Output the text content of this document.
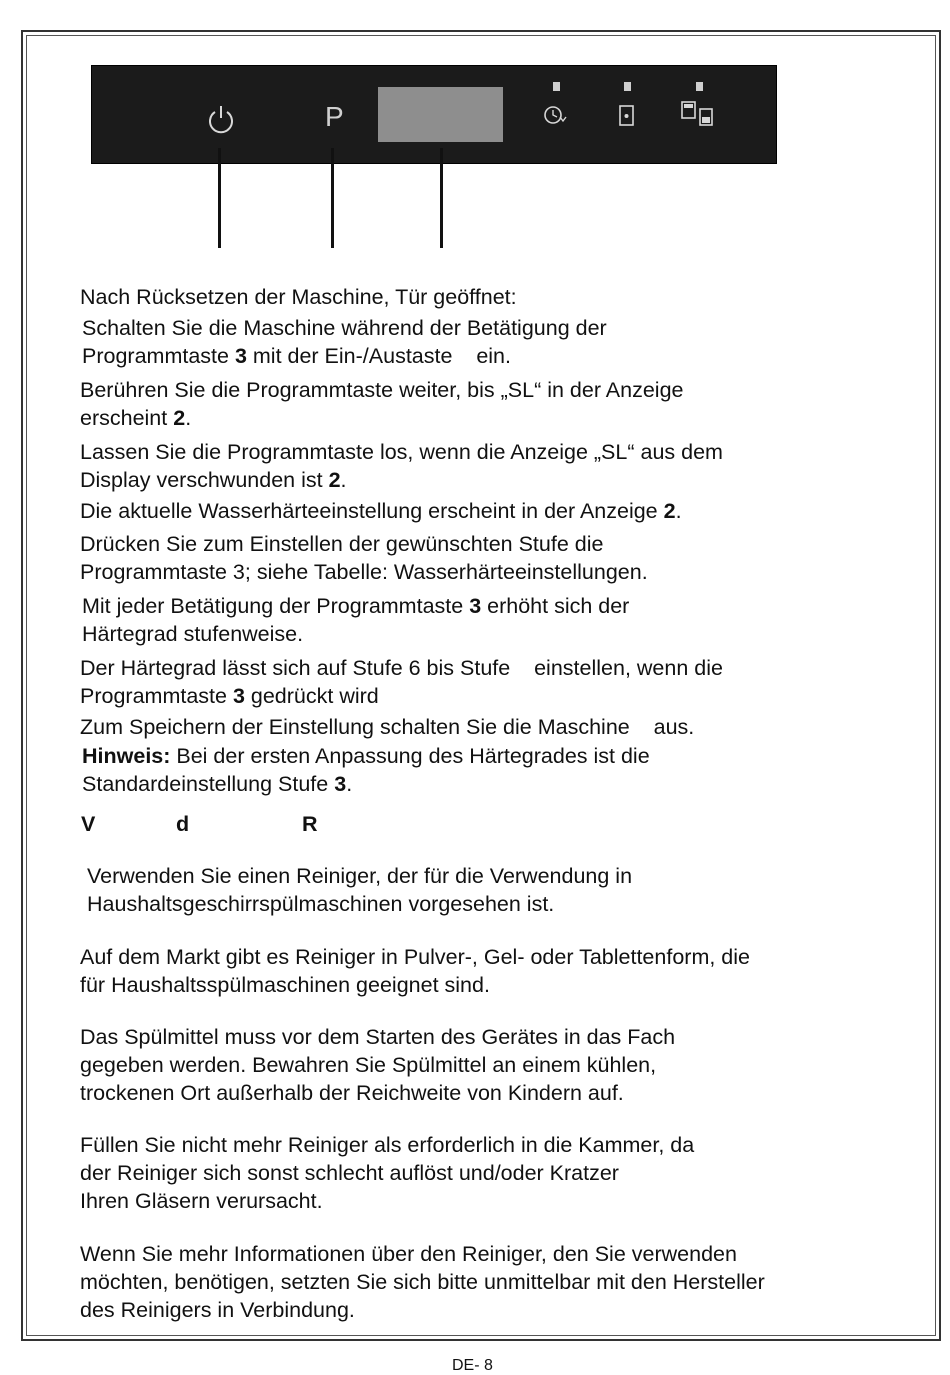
P

Nach Rücksetzen der Maschine, Tür geöffnet:

Schalten Sie die Maschine während der Betätigung der
Programmtaste 3 mit der Ein-/Austaste    ein.

Berühren Sie die Programmtaste weiter, bis „SL“ in der Anzeige
erscheint 2.

Lassen Sie die Programmtaste los, wenn die Anzeige „SL“ aus dem
Display verschwunden ist 2.

Die aktuelle Wasserhärteeinstellung erscheint in der Anzeige 2.

Drücken Sie zum Einstellen der gewünschten Stufe die
Programmtaste 3; siehe Tabelle: Wasserhärteeinstellungen.

Mit jeder Betätigung der Programmtaste 3 erhöht sich der
Härtegrad stufenweise.

Der Härtegrad lässt sich auf Stufe 6 bis Stufe    einstellen, wenn die
Programmtaste 3 gedrückt wird

Zum Speichern der Einstellung schalten Sie die Maschine    aus.

Hinweis: Bei der ersten Anpassung des Härtegrades ist die
Standardeinstellung Stufe 3.

V	d	R

Verwenden Sie einen Reiniger, der für die Verwendung in
Haushaltsgeschirrspülmaschinen vorgesehen ist.

Auf dem Markt gibt es Reiniger in Pulver-, Gel- oder Tablettenform, die
für Haushaltsspülmaschinen geeignet sind.

Das Spülmittel muss vor dem Starten des Gerätes in das Fach
gegeben werden. Bewahren Sie Spülmittel an einem kühlen,
trockenen Ort außerhalb der Reichweite von Kindern auf.

Füllen Sie nicht mehr Reiniger als erforderlich in die Kammer, da
der Reiniger sich sonst schlecht auflöst und/oder Kratzer
Ihren Gläsern verursacht.

Wenn Sie mehr Informationen über den Reiniger, den Sie verwenden
möchten, benötigen, setzten Sie sich bitte unmittelbar mit den Hersteller
des Reinigers in Verbindung.

DE- 8
